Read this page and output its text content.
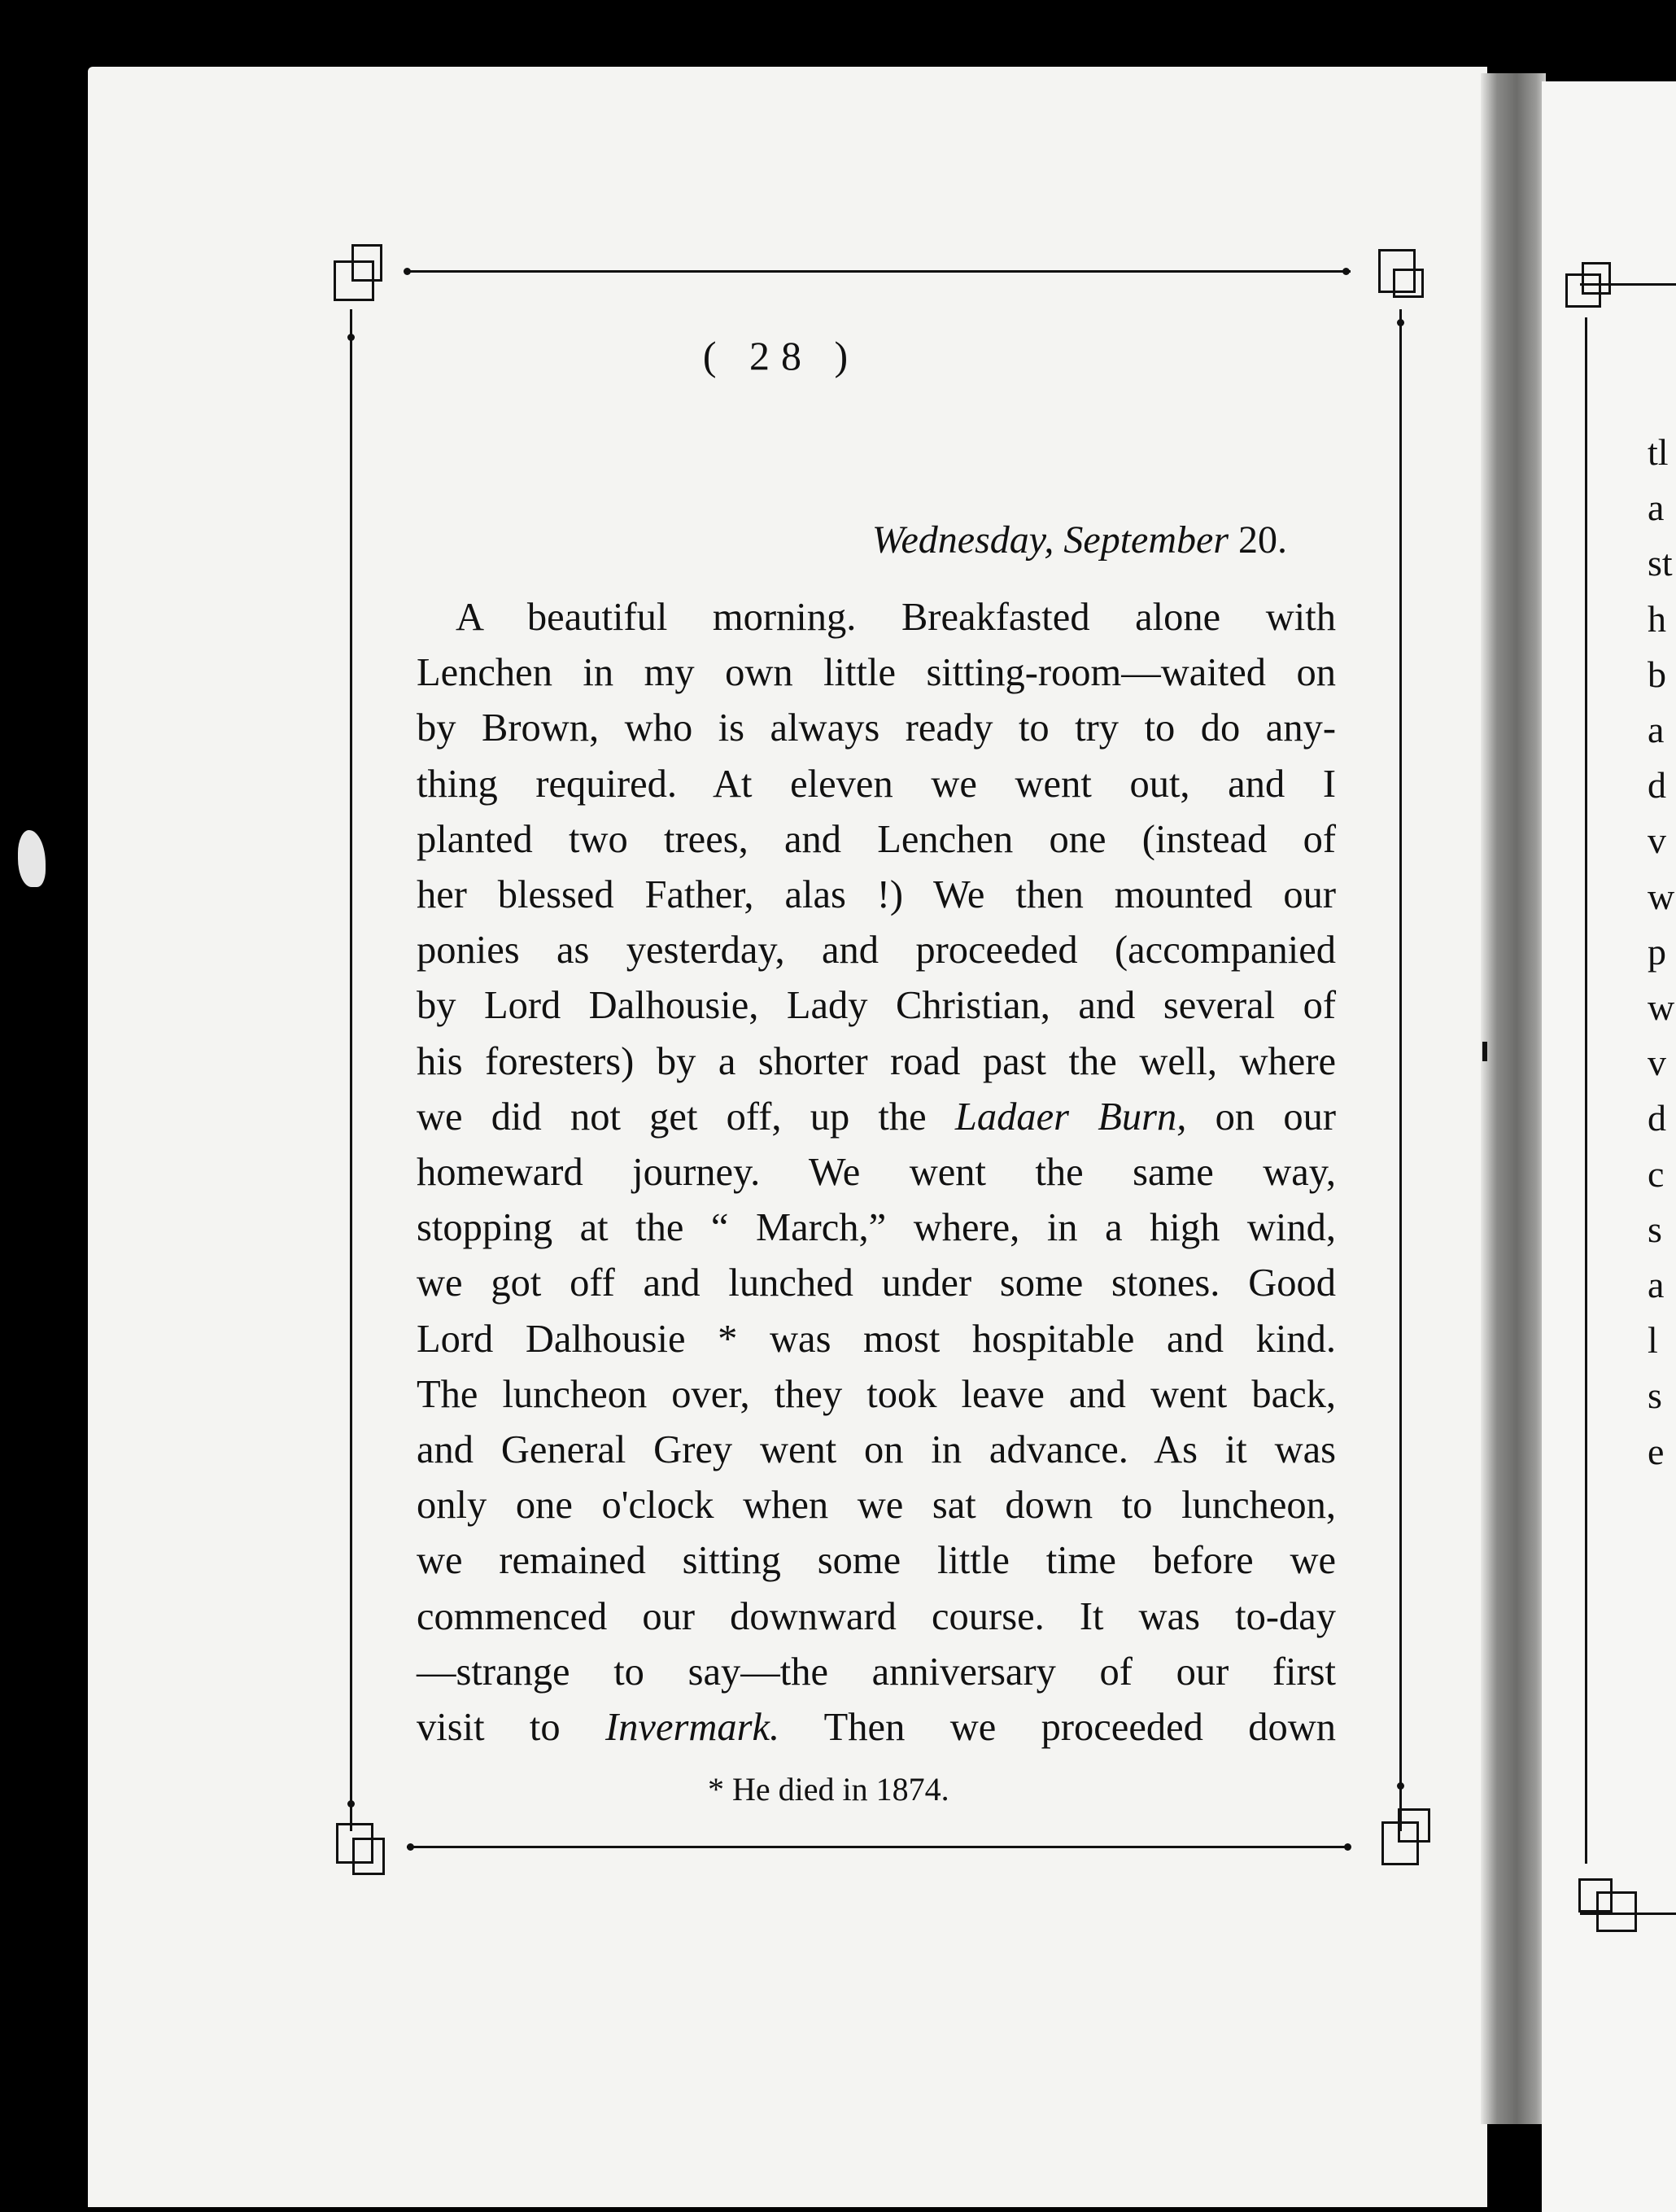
( 28 )
Wednesday, September 20.
A beautiful morning. Breakfasted alone with
Lenchen in my own little sitting-room—waited on
by Brown, who is always ready to try to do any-
thing required. At eleven we went out, and I
planted two trees, and Lenchen one (instead of
her blessed Father, alas !) We then mounted our
ponies as yesterday, and proceeded (accompanied
by Lord Dalhousie, Lady Christian, and several of
his foresters) by a shorter road past the well, where
we did not get off, up the Ladaer Burn, on our
homeward journey. We went the same way,
stopping at the “ March,” where, in a high wind,
we got off and lunched under some stones. Good
Lord Dalhousie * was most hospitable and kind.
The luncheon over, they took leave and went back,
and General Grey went on in advance. As it was
only one o'clock when we sat down to luncheon,
we remained sitting some little time before we
commenced our downward course. It was to-day
—strange to say—the anniversary of our first
visit to Invermark. Then we proceeded down
* He died in 1874.
tl
a
st
h
b
a
d
v
w
p
w
v
d
c
s
a
l
s
e
